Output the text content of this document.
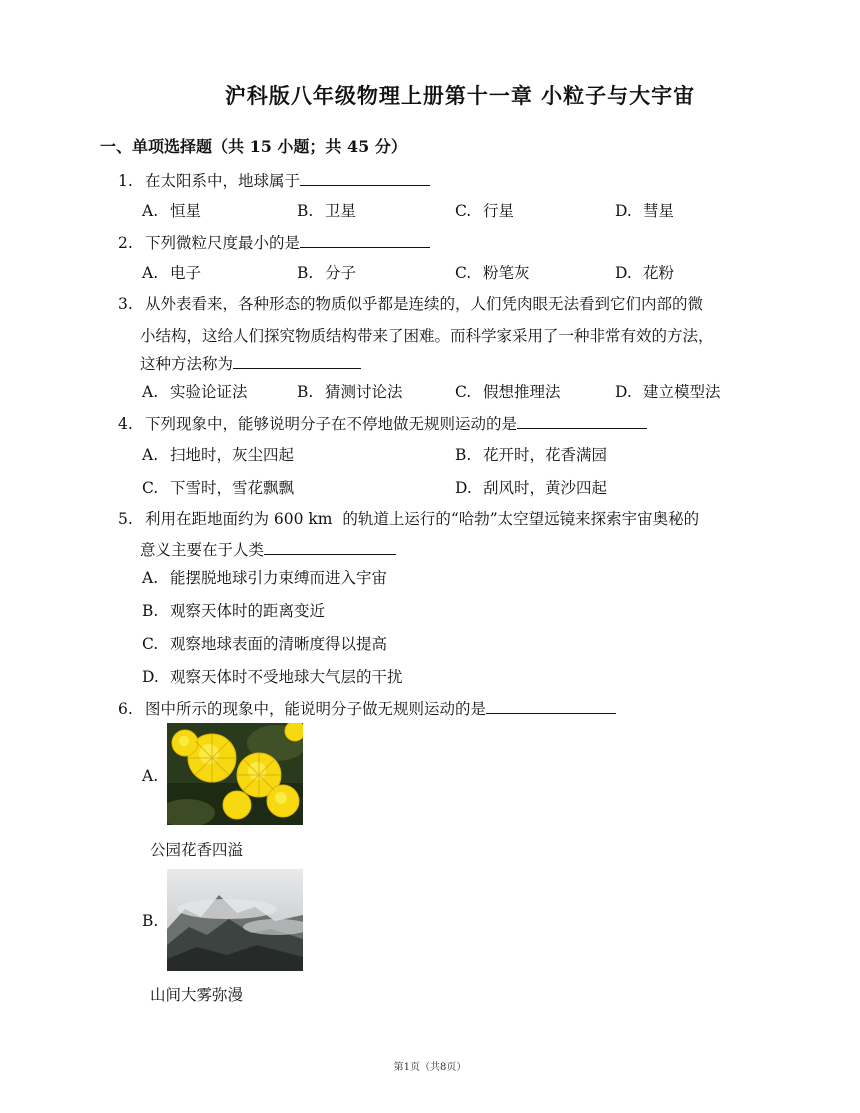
沪科版八年级物理上册第十一章 小粒子与大宇宙
一、单项选择题（共 15 小题；共 45 分）
1. 在太阳系中，地球属于
A. 恒星	B. 卫星	C. 行星	D. 彗星
2. 下列微粒尺度最小的是
A. 电子	B. 分子	C. 粉笔灰	D. 花粉
3. 从外表看来，各种形态的物质似乎都是连续的，人们凭肉眼无法看到它们内部的微
小结构，这给人们探究物质结构带来了困难。而科学家采用了一种非常有效的方法，
这种方法称为
A. 实验论证法	B. 猜测讨论法	C. 假想推理法	D. 建立模型法
4. 下列现象中，能够说明分子在不停地做无规则运动的是
A. 扫地时，灰尘四起	B. 花开时，花香满园
C. 下雪时，雪花飘飘	D. 刮风时，黄沙四起
5. 利用在距地面约为 600 km  的轨道上运行的“哈勃”太空望远镜来探索宇宙奥秘的
意义主要在于人类
A. 能摆脱地球引力束缚而进入宇宙
B. 观察天体时的距离变近
C. 观察地球表面的清晰度得以提高
D. 观察天体时不受地球大气层的干扰
6. 图中所示的现象中，能说明分子做无规则运动的是
A.
公园花香四溢
B.
山间大雾弥漫
第1页（共8页）
